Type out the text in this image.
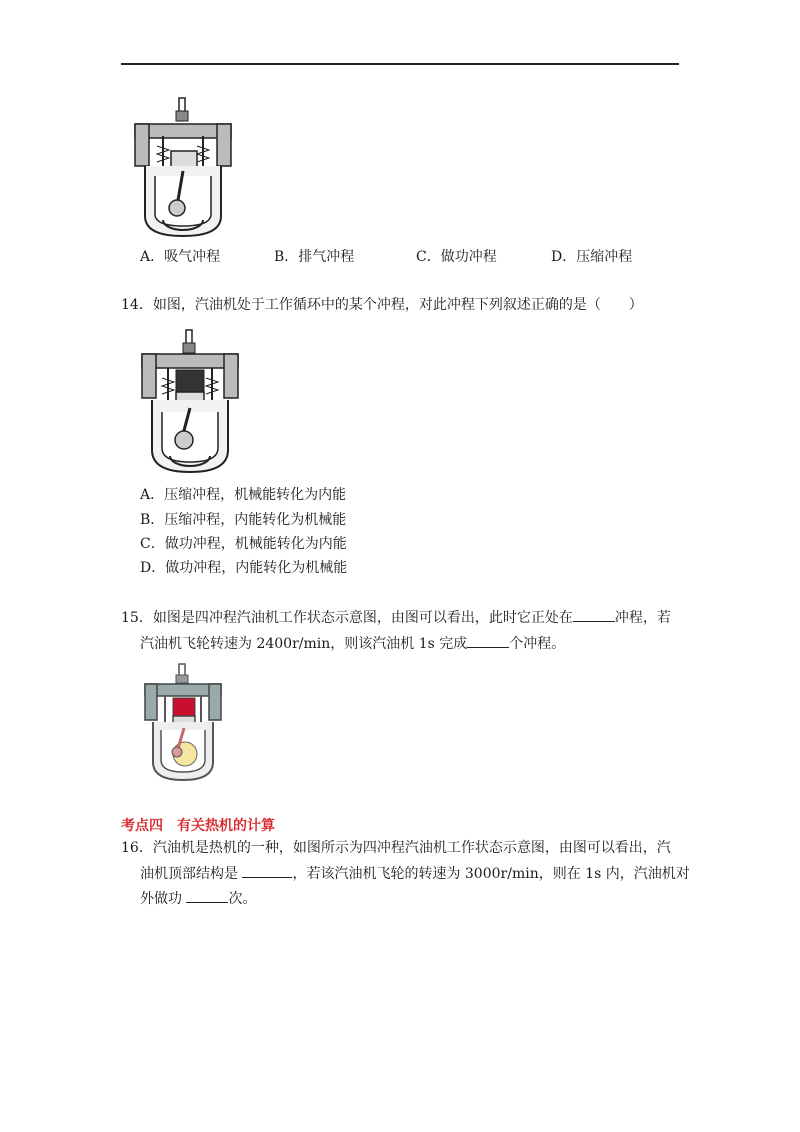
A．吸气冲程	B．排气冲程	C．做功冲程	D．压缩冲程
14．如图，汽油机处于工作循环中的某个冲程，对此冲程下列叙述正确的是（　　）
A．压缩冲程，机械能转化为内能
B．压缩冲程，内能转化为机械能
C．做功冲程，机械能转化为内能
D．做功冲程，内能转化为机械能
15．如图是四冲程汽油机工作状态示意图，由图可以看出，此时它正处在	冲程，若
汽油机飞轮转速为 2400r/min，则该汽油机 1s 完成	个冲程。
考点四　有关热机的计算
16．汽油机是热机的一种，如图所示为四冲程汽油机工作状态示意图，由图可以看出，汽
油机顶部结构是	，若该汽油机飞轮的转速为 3000r/min，则在 1s 内，汽油机对
外做功	次。
